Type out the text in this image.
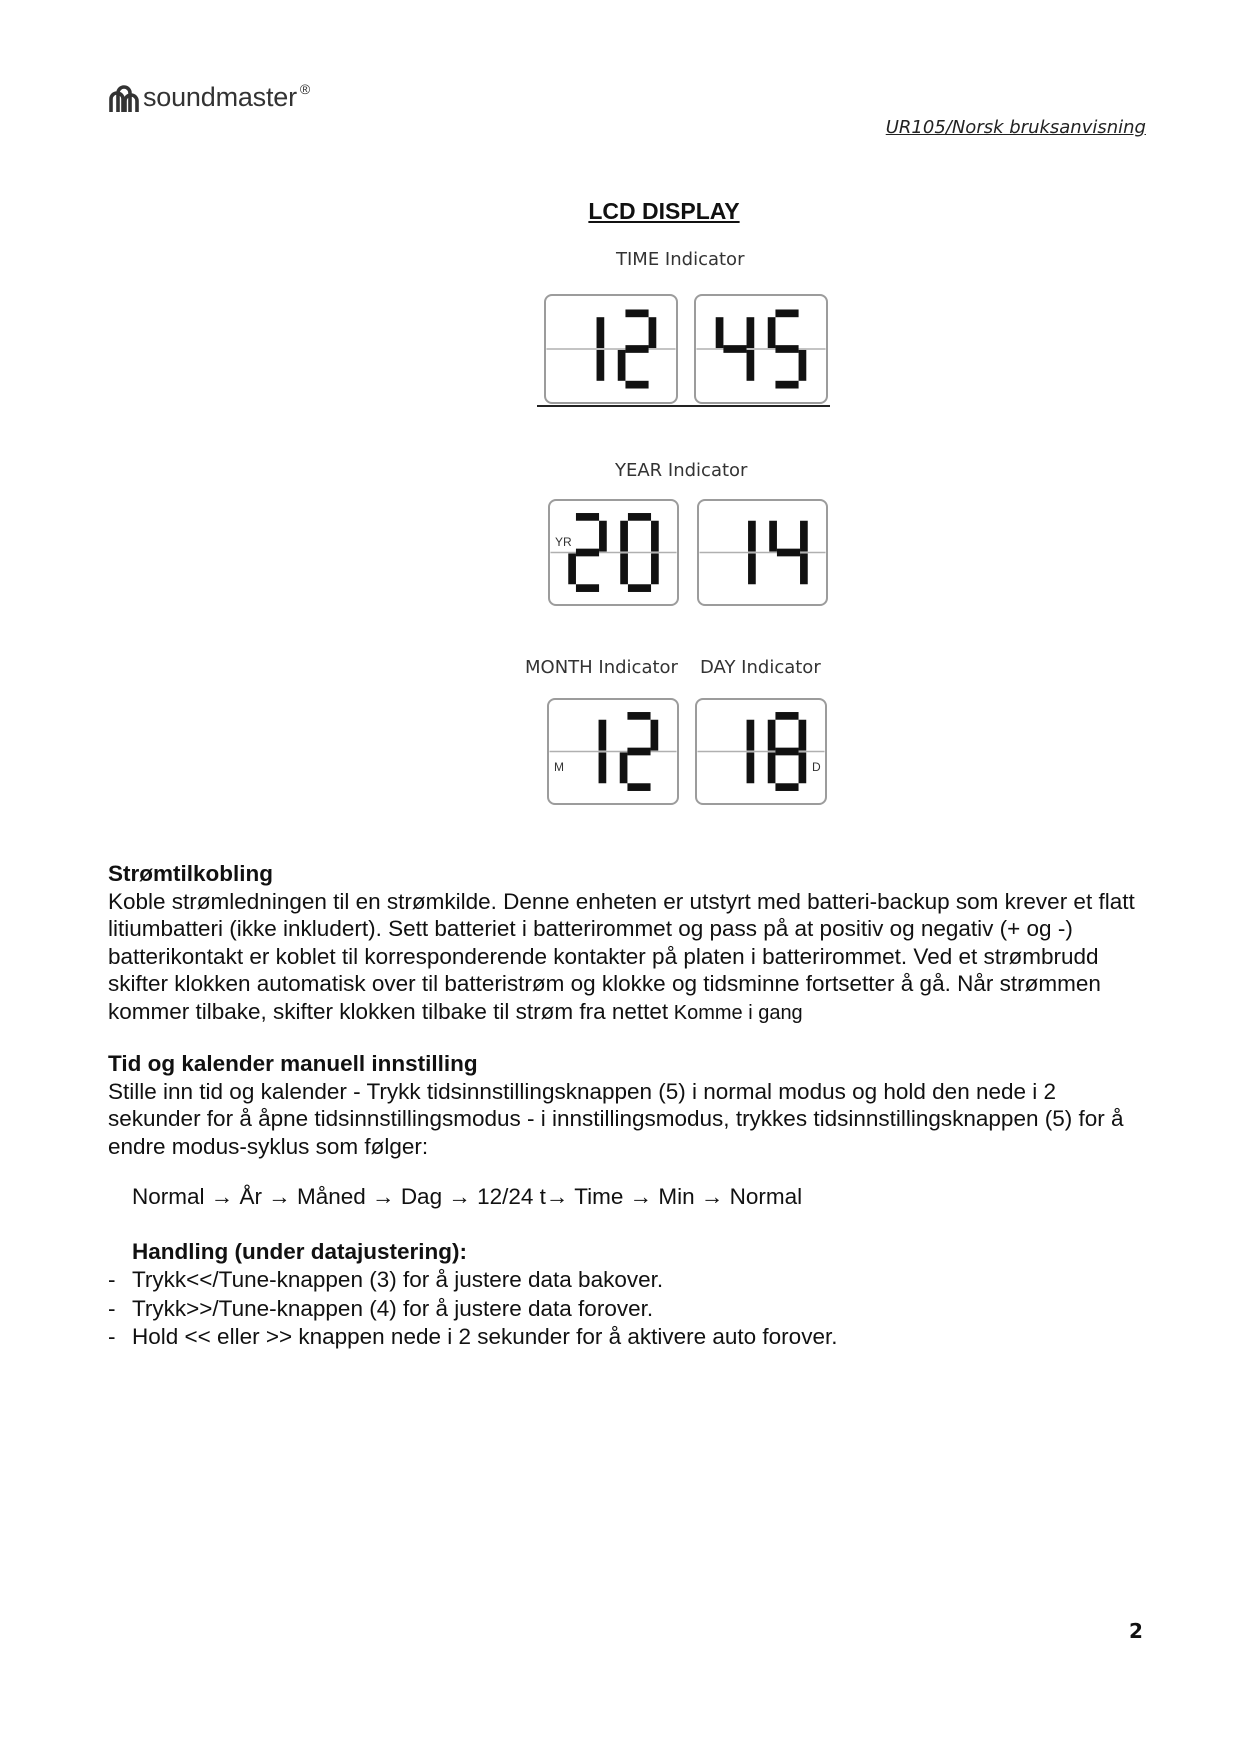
soundmaster ®
UR105/Norsk bruksanvisning
LCD DISPLAY
TIME Indicator
YEAR Indicator
YR
MONTH Indicator DAY Indicator
M	D

Strømtilkobling

Koble strømledningen til en strømkilde. Denne enheten er utstyrt med batteri-backup som krever et flatt litiumbatteri (ikke inkludert). Sett batteriet i batterirommet og pass på at positiv og negativ (+ og -) batterikontakt er koblet til korresponderende kontakter på platen i batterirommet. Ved et strømbrudd skifter klokken automatisk over til batteristrøm og klokke og tidsminne fortsetter å gå. Når strømmen kommer tilbake, skifter klokken tilbake til strøm fra nettet Komme i gang

Tid og kalender manuell innstilling

Stille inn tid og kalender - Trykk tidsinnstillingsknappen (5) i normal modus og hold den nede i 2 sekunder for å åpne tidsinnstillingsmodus - i innstillingsmodus, trykkes tidsinnstillingsknappen (5) for å endre modus-syklus som følger:

Normal → År → Måned → Dag → 12/24 t→ Time → Min → Normal
Handling (under datajustering):
- Trykk<</Tune-knappen (3) for å justere data bakover.
- Trykk>>/Tune-knappen (4) for å justere data forover.
- Hold << eller >> knappen nede i 2 sekunder for å aktivere auto forover.
2
